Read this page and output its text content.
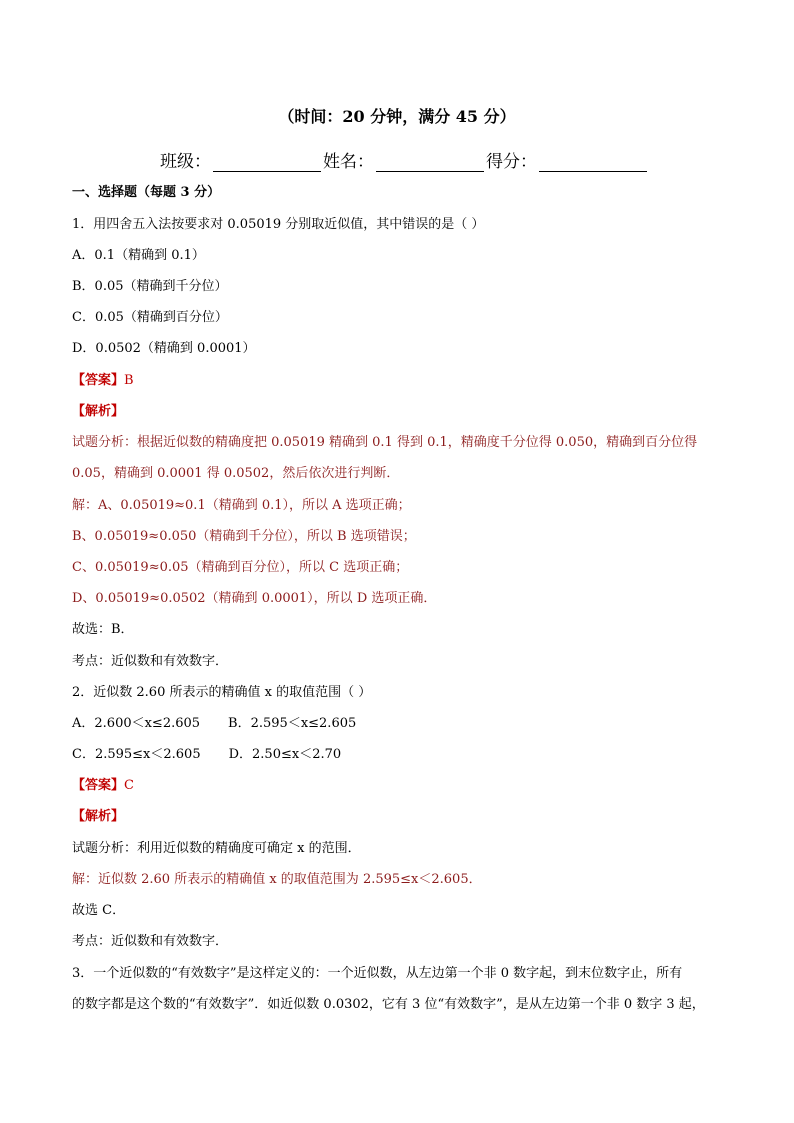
（时间：20 分钟，满分 45 分）
班级：	姓名：	得分：
一、选择题（每题 3 分）
1．用四舍五入法按要求对 0.05019 分别取近似值，其中错误的是（ ）
A．0.1（精确到 0.1）
B．0.05（精确到千分位）
C．0.05（精确到百分位）
D．0.0502（精确到 0.0001）
【答案】B
【解析】
试题分析：根据近似数的精确度把 0.05019 精确到 0.1 得到 0.1，精确度千分位得 0.050，精确到百分位得
0.05，精确到 0.0001 得 0.0502，然后依次进行判断．
解：A、0.05019≈0.1（精确到 0.1），所以 A 选项正确；
B、0.05019≈0.050（精确到千分位），所以 B 选项错误；
C、0.05019≈0.05（精确到百分位），所以 C 选项正确；
D、0.05019≈0.0502（精确到 0.0001），所以 D 选项正确．
故选：B．
考点：近似数和有效数字．
2．近似数 2.60 所表示的精确值 x 的取值范围（ ）
A．2.600＜x≤2.605 B．2.595＜x≤2.605
C．2.595≤x＜2.605 D．2.50≤x＜2.70
【答案】C
【解析】
试题分析：利用近似数的精确度可确定 x 的范围．
解：近似数 2.60 所表示的精确值 x 的取值范围为 2.595≤x＜2.605．
故选 C．
考点：近似数和有效数字．
3．一个近似数的“有效数字”是这样定义的：一个近似数，从左边第一个非 0 数字起，到末位数字止，所有
的数字都是这个数的“有效数字”．如近似数 0.0302，它有 3 位“有效数字”，是从左边第一个非 0 数字 3 起，
